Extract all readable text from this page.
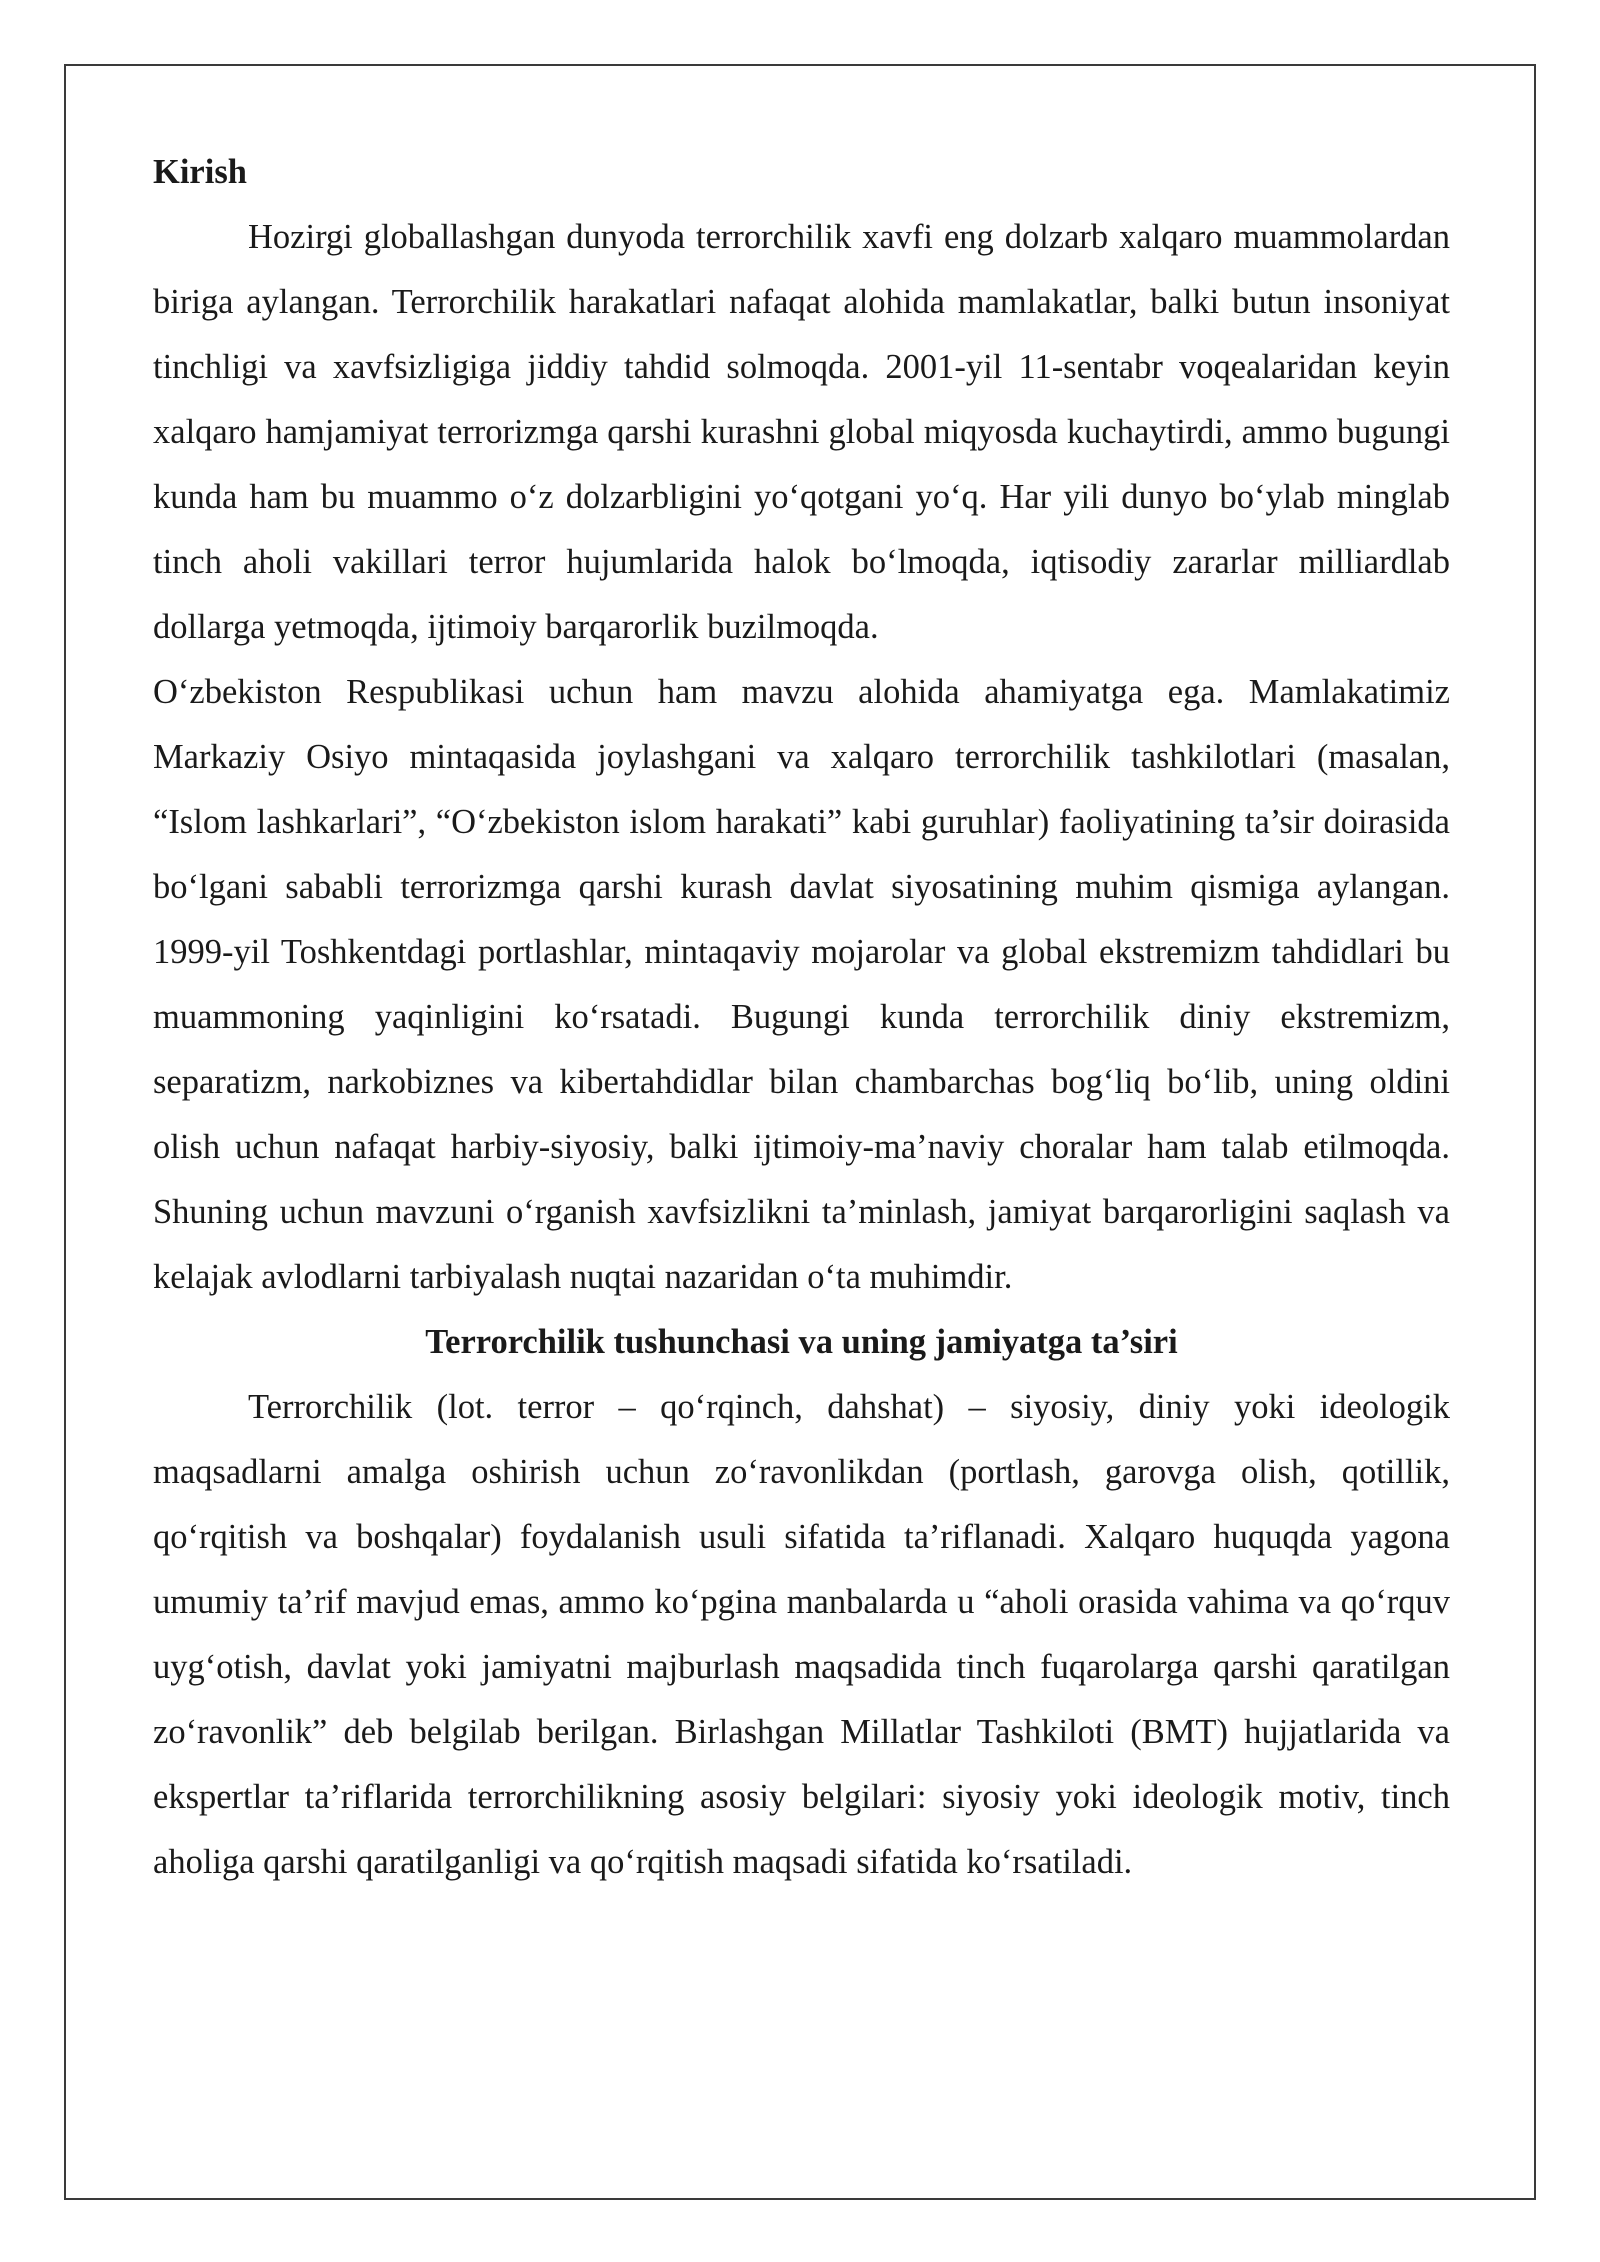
Kirish

Hozirgi globallashgan dunyoda terrorchilik xavfi eng dolzarb xalqaro muammolardan biriga aylangan. Terrorchilik harakatlari nafaqat alohida mamlakatlar, balki butun insoniyat tinchligi va xavfsizligiga jiddiy tahdid solmoqda. 2001-yil 11-sentabr voqealaridan keyin xalqaro hamjamiyat terrorizmga qarshi kurashni global miqyosda kuchaytirdi, ammo bugungi kunda ham bu muammo o‘z dolzarbligini yo‘qotgani yo‘q. Har yili dunyo bo‘ylab minglab tinch aholi vakillari terror hujumlarida halok bo‘lmoqda, iqtisodiy zararlar milliardlab dollarga yetmoqda, ijtimoiy barqarorlik buzilmoqda.

O‘zbekiston Respublikasi uchun ham mavzu alohida ahamiyatga ega. Mamlakatimiz Markaziy Osiyo mintaqasida joylashgani va xalqaro terrorchilik tashkilotlari (masalan, “Islom lashkarlari”, “O‘zbekiston islom harakati” kabi guruhlar) faoliyatining ta’sir doirasida bo‘lgani sababli terrorizmga qarshi kurash davlat siyosatining muhim qismiga aylangan. 1999-yil Toshkentdagi portlashlar, mintaqaviy mojarolar va global ekstremizm tahdidlari bu muammoning yaqinligini ko‘rsatadi. Bugungi kunda terrorchilik diniy ekstremizm, separatizm, narkobiznes va kibertahdidlar bilan chambarchas bog‘liq bo‘lib, uning oldini olish uchun nafaqat harbiy-siyosiy, balki ijtimoiy-ma’naviy choralar ham talab etilmoqda. Shuning uchun mavzuni o‘rganish xavfsizlikni ta’minlash, jamiyat barqarorligini saqlash va kelajak avlodlarni tarbiyalash nuqtai nazaridan o‘ta muhimdir.

Terrorchilik tushunchasi va uning jamiyatga ta’siri

Terrorchilik (lot. terror – qo‘rqinch, dahshat) – siyosiy, diniy yoki ideologik maqsadlarni amalga oshirish uchun zo‘ravonlikdan (portlash, garovga olish, qotillik, qo‘rqitish va boshqalar) foydalanish usuli sifatida ta’riflanadi. Xalqaro huquqda yagona umumiy ta’rif mavjud emas, ammo ko‘pgina manbalarda u “aholi orasida vahima va qo‘rquv uyg‘otish, davlat yoki jamiyatni majburlash maqsadida tinch fuqarolarga qarshi qaratilgan zo‘ravonlik” deb belgilab berilgan. Birlashgan Millatlar Tashkiloti (BMT) hujjatlarida va ekspertlar ta’riflarida terrorchilikning asosiy belgilari: siyosiy yoki ideologik motiv, tinch aholiga qarshi qaratilganligi va qo‘rqitish maqsadi sifatida ko‘rsatiladi.
